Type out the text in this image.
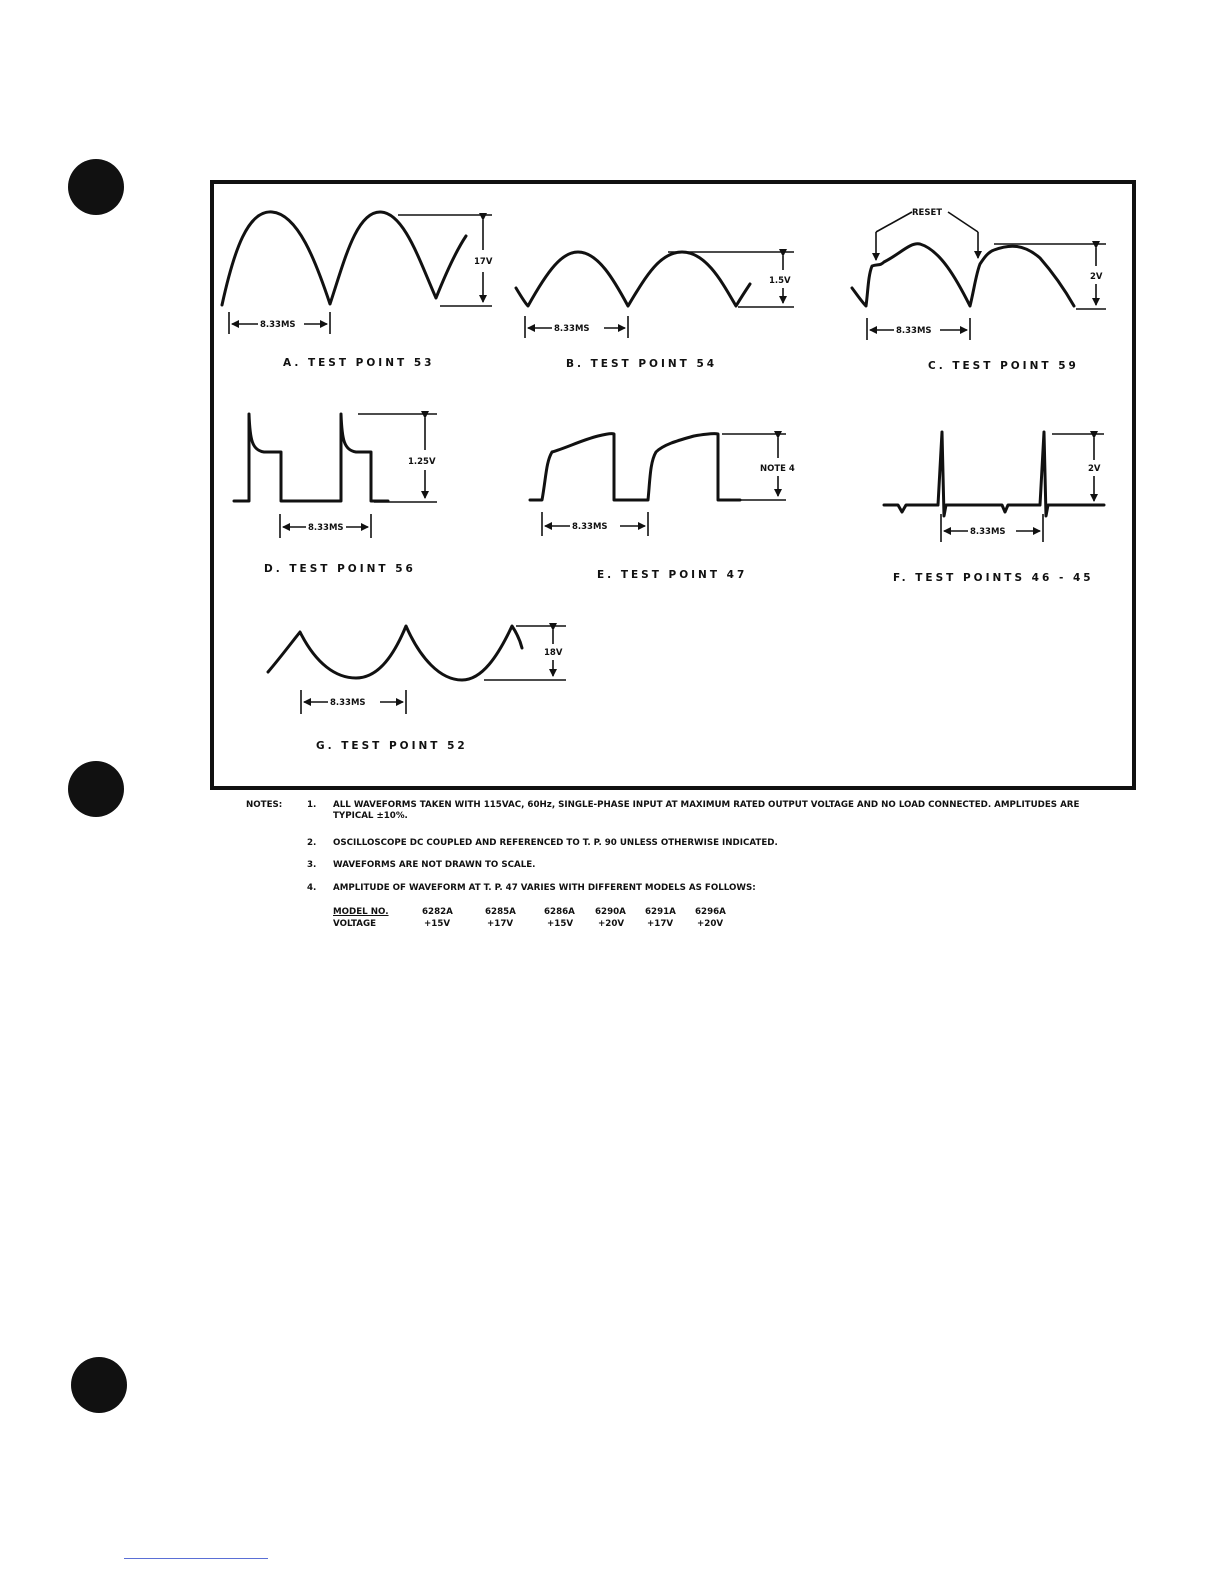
17V
8.33MS
A. TEST POINT 53
1.5V
8.33MS
B. TEST POINT 54
RESET
2V
8.33MS
C. TEST POINT 59
1.25V
8.33MS
D. TEST POINT 56
NOTE 4
8.33MS
E. TEST POINT 47
2V
8.33MS
F. TEST POINTS 46 - 45
18V
8.33MS
G. TEST POINT 52
NOTES:	1. ALL WAVEFORMS TAKEN WITH 115VAC, 60Hz, SINGLE-PHASE INPUT AT MAXIMUM RATED OUTPUT VOLTAGE AND NO LOAD CONNECTED. AMPLITUDES ARE TYPICAL ±10%.
2. OSCILLOSCOPE DC COUPLED AND REFERENCED TO T. P. 90 UNLESS OTHERWISE INDICATED.
3. WAVEFORMS ARE NOT DRAWN TO SCALE.
4. AMPLITUDE OF WAVEFORM AT T. P. 47 VARIES WITH DIFFERENT MODELS AS FOLLOWS:
MODEL NO.	6282A	6285A	6286A 6290A 6291A 6296A
VOLTAGE	+15V	+17V	+15V	+20V	+17V	+20V
